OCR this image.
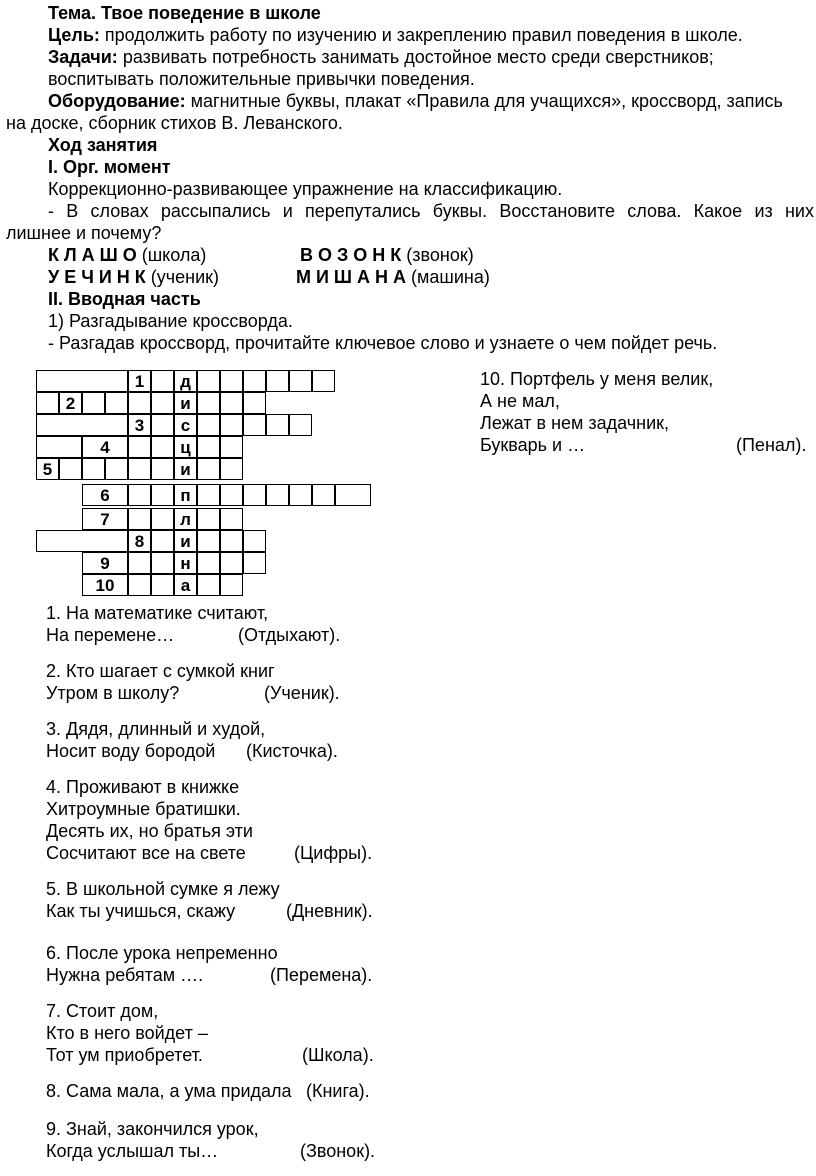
Тема. Твое поведение в школе
Цель: продолжить работу по изучению и закреплению правил поведения в школе.
Задачи: развивать потребность занимать достойное место среди сверстников;
воспитывать положительные привычки поведения.
Оборудование: магнитные буквы, плакат «Правила для учащихся», кроссворд, запись
на доске, сборник стихов В. Леванского.
Ход занятия
I. Орг. момент
Коррекционно-развивающее упражнение на классификацию.
- В словах рассыпались и перепутались буквы. Восстановите слова. Какое из них
лишнее и почему?
К Л А Ш О (школа)	В О З О Н К (звонок)
У Е Ч И Н К (ученик)	М И Ш А Н А (машина)
II. Вводная часть
1) Разгадывание кроссворда.
- Разгадав кроссворд, прочитайте ключевое слово и узнаете о чем пойдет речь.
1	д
2	и
3	с
4	ц
5	и
6	п
7	л
8	и
9	н
10	а
10. Портфель у меня велик,
А не мал,
Лежат в нем задачник,
Букварь и …	(Пенал).
1. На математике считают,
На перемене…	(Отдыхают).
2. Кто шагает с сумкой книг
Утром в школу?	(Ученик).
3. Дядя, длинный и худой,
Носит воду бородой (Кисточка).
4. Проживают в книжке
Хитроумные братишки.
Десять их, но братья эти
Сосчитают все на свете	(Цифры).
5. В школьной сумке я лежу
Как ты учишься, скажу	(Дневник).
6. После урока непременно
Нужна ребятам ….	(Перемена).
7. Стоит дом,
Кто в него войдет –
Тот ум приобретет.	(Школа).
8. Сама мала, а ума придала (Книга).
9. Знай, закончился урок,
Когда услышал ты…	(Звонок).
